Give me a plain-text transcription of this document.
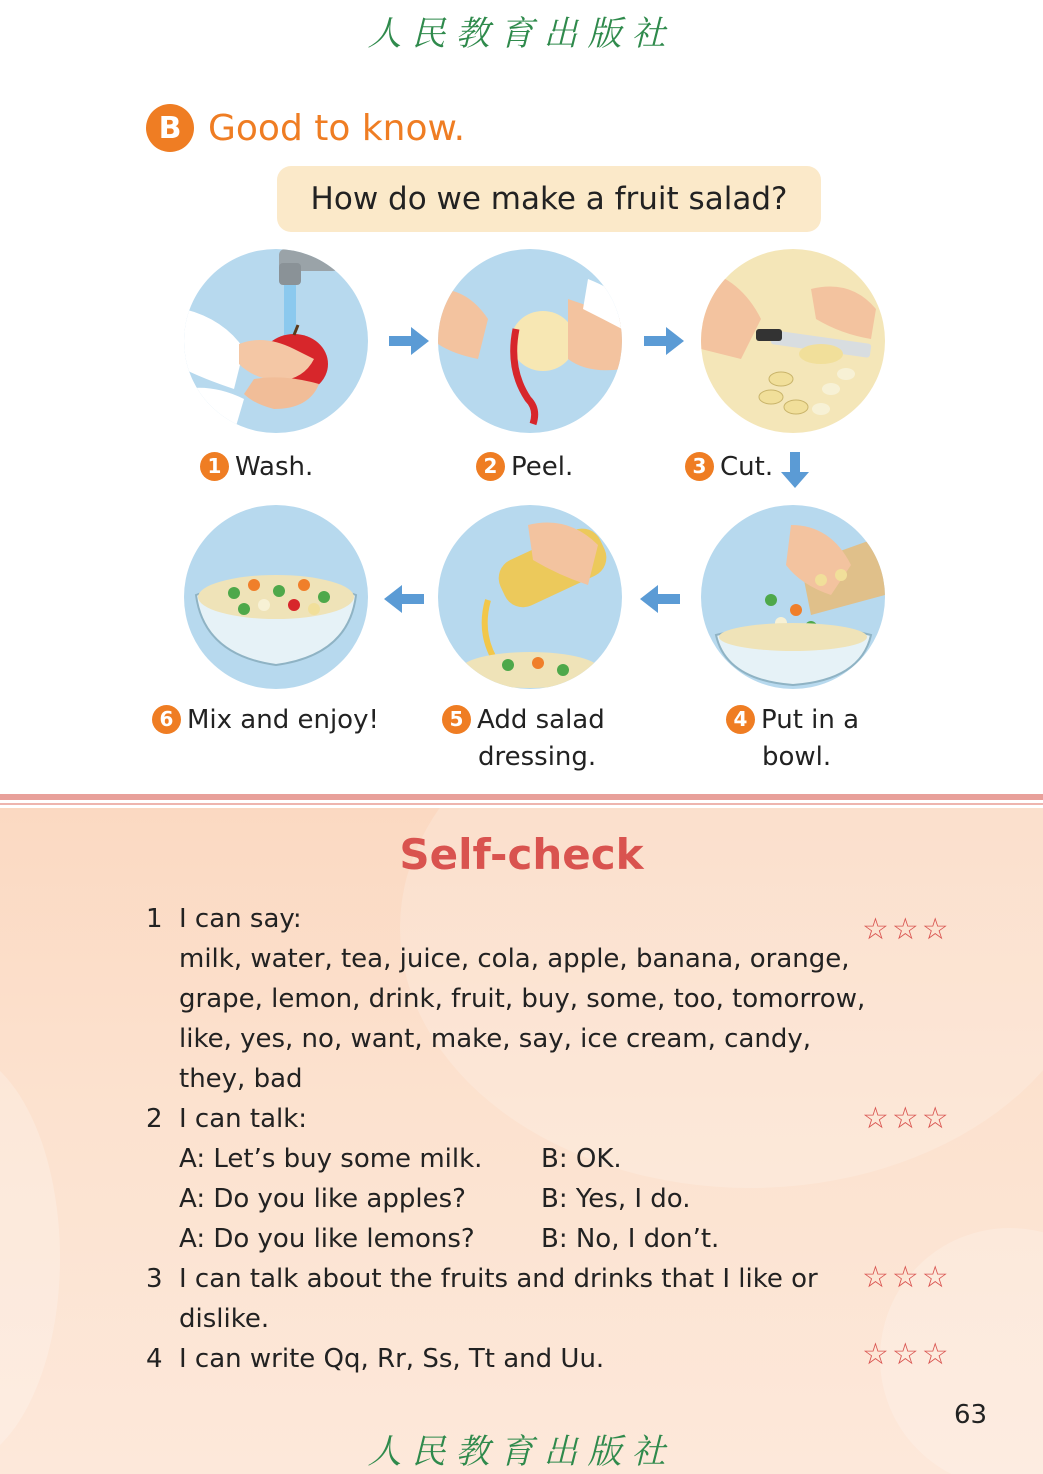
人民教育出版社
B Good to know.
How do we make a fruit salad?
1 Wash.	2 Peel.	3 Cut.
6 Mix and enjoy!	5 Add salad
dressing.
4 Put in a
bowl.
Self-check
1 I can say:
milk, water, tea, juice, cola, apple, banana, orange,
grape, lemon, drink, fruit, buy, some, too, tomorrow,
like, yes, no, want, make, say, ice cream, candy,
they, bad
☆☆☆
2 I can talk:
A: Let’s buy some milk. B: OK.
A: Do you like apples?	B: Yes, I do.
A: Do you like lemons?	B: No, I don’t.
☆☆☆
3 I can talk about the fruits and drinks that I like or
dislike.
☆☆☆
4 I can write Qq, Rr, Ss, Tt and Uu.	☆☆☆
63
人民教育出版社
